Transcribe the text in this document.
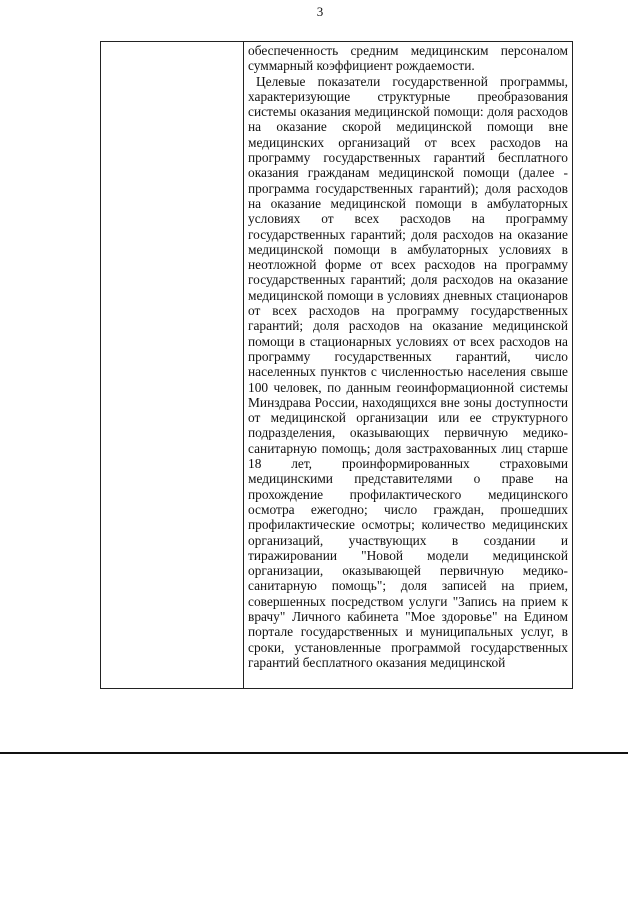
3

обеспеченность средним медицинским персоналом суммарный коэффициент рождаемости.

Целевые показатели государственной программы, характеризующие структурные преобразования системы оказания медицинской помощи: доля расходов на оказание скорой медицинской помощи вне медицинских организаций от всех расходов на программу государственных гарантий бесплатного оказания гражданам медицинской помощи (далее - программа государственных гарантий); доля расходов на оказание медицинской помощи в амбулаторных условиях от всех расходов на программу государственных гарантий; доля расходов на оказание медицинской помощи в амбулаторных условиях в неотложной форме от всех расходов на программу государственных гарантий; доля расходов на оказание медицинской помощи в условиях дневных стационаров от всех расходов на программу государственных гарантий; доля расходов на оказание медицинской помощи в стационарных условиях от всех расходов на программу государственных гарантий, число населенных пунктов с численностью населения свыше 100 человек, по данным геоинформационной системы Минздрава России, находящихся вне зоны доступности от медицинской организации или ее структурного подразделения, оказывающих первичную медико-санитарную помощь; доля застрахованных лиц старше 18 лет, проинформированных страховыми медицинскими представителями о праве на прохождение профилактического медицинского осмотра ежегодно; число граждан, прошедших профилактические осмотры; количество медицинских организаций, участвующих в создании и тиражировании "Новой модели медицинской организации, оказывающей первичную медико-санитарную помощь"; доля записей на прием, совершенных посредством услуги "Запись на прием к врачу" Личного кабинета "Мое здоровье" на Едином портале государственных и муниципальных услуг, в сроки, установленные программой государственных гарантий бесплатного оказания медицинской
